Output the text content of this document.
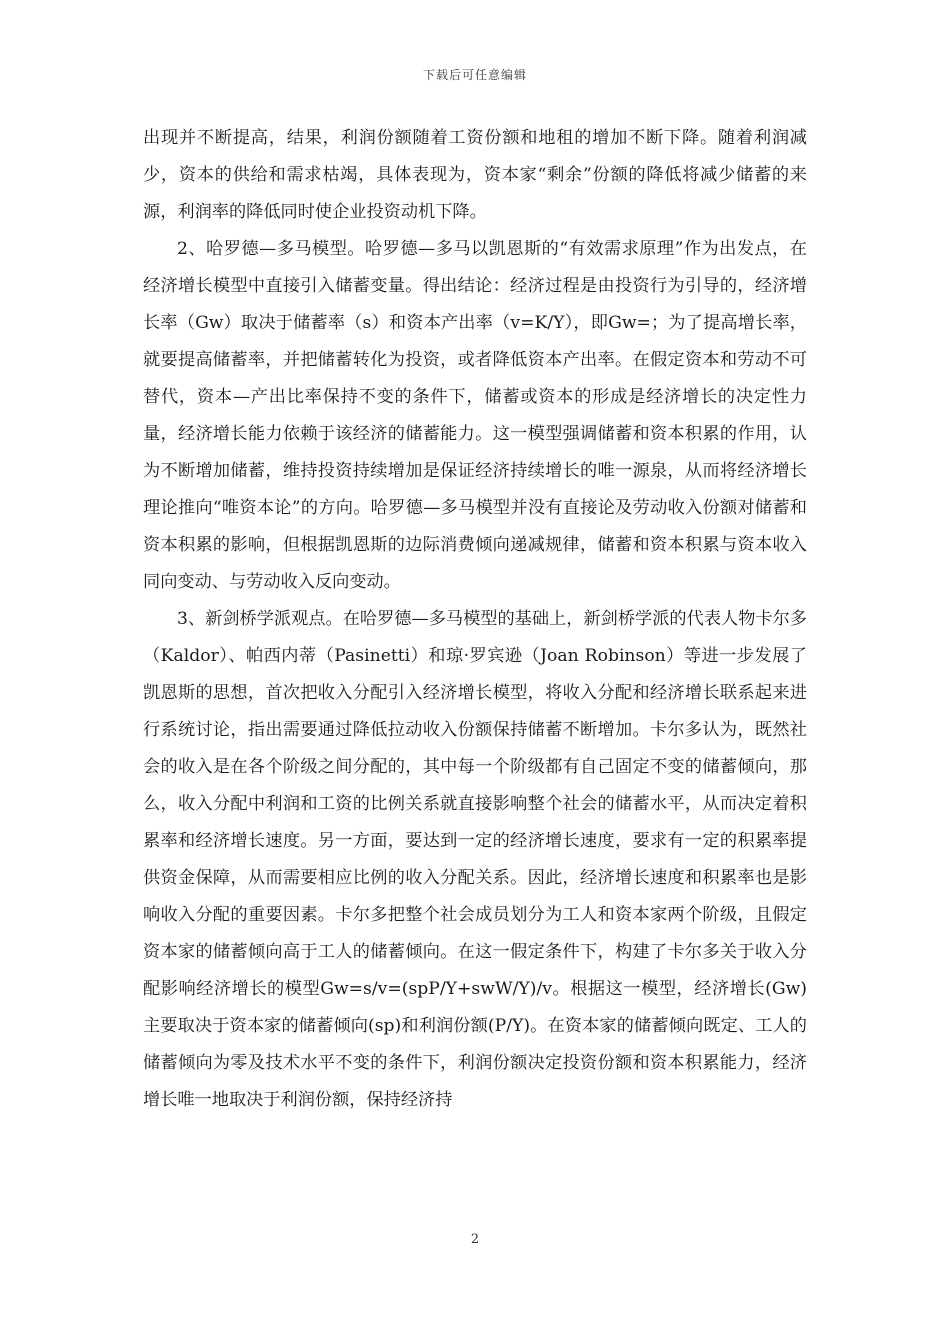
下载后可任意编辑

出现并不断提高，结果，利润份额随着工资份额和地租的增加不断下降。随着利润减少，资本的供给和需求枯竭，具体表现为，资本家“剩余”份额的降低将减少储蓄的来源，利润率的降低同时使企业投资动机下降。

2、哈罗德—多马模型。哈罗德—多马以凯恩斯的“有效需求原理”作为出发点，在经济增长模型中直接引入储蓄变量。得出结论：经济过程是由投资行为引导的，经济增长率（Gw）取决于储蓄率（s）和资本产出率（v=K/Y），即Gw=；为了提高增长率，就要提高储蓄率，并把储蓄转化为投资，或者降低资本产出率。在假定资本和劳动不可替代，资本—产出比率保持不变的条件下，储蓄或资本的形成是经济增长的决定性力量，经济增长能力依赖于该经济的储蓄能力。这一模型强调储蓄和资本积累的作用，认为不断增加储蓄，维持投资持续增加是保证经济持续增长的唯一源泉，从而将经济增长理论推向“唯资本论”的方向。哈罗德—多马模型并没有直接论及劳动收入份额对储蓄和资本积累的影响，但根据凯恩斯的边际消费倾向递减规律，储蓄和资本积累与资本收入同向变动、与劳动收入反向变动。

3、新剑桥学派观点。在哈罗德—多马模型的基础上，新剑桥学派的代表人物卡尔多（Kaldor）、帕西内蒂（Pasinetti）和琼·罗宾逊（Joan Robinson）等进一步发展了凯恩斯的思想，首次把收入分配引入经济增长模型，将收入分配和经济增长联系起来进行系统讨论，指出需要通过降低拉动收入份额保持储蓄不断增加。卡尔多认为，既然社会的收入是在各个阶级之间分配的，其中每一个阶级都有自己固定不变的储蓄倾向，那么，收入分配中利润和工资的比例关系就直接影响整个社会的储蓄水平，从而决定着积累率和经济增长速度。另一方面，要达到一定的经济增长速度，要求有一定的积累率提供资金保障，从而需要相应比例的收入分配关系。因此，经济增长速度和积累率也是影响收入分配的重要因素。卡尔多把整个社会成员划分为工人和资本家两个阶级，且假定资本家的储蓄倾向高于工人的储蓄倾向。在这一假定条件下，构建了卡尔多关于收入分配影响经济增长的模型Gw=s/v=(spP/Y+swW/Y)/v。根据这一模型，经济增长(Gw)主要取决于资本家的储蓄倾向(sp)和利润份额(P/Y)。在资本家的储蓄倾向既定、工人的储蓄倾向为零及技术水平不变的条件下，利润份额决定投资份额和资本积累能力，经济增长唯一地取决于利润份额，保持经济持

2
